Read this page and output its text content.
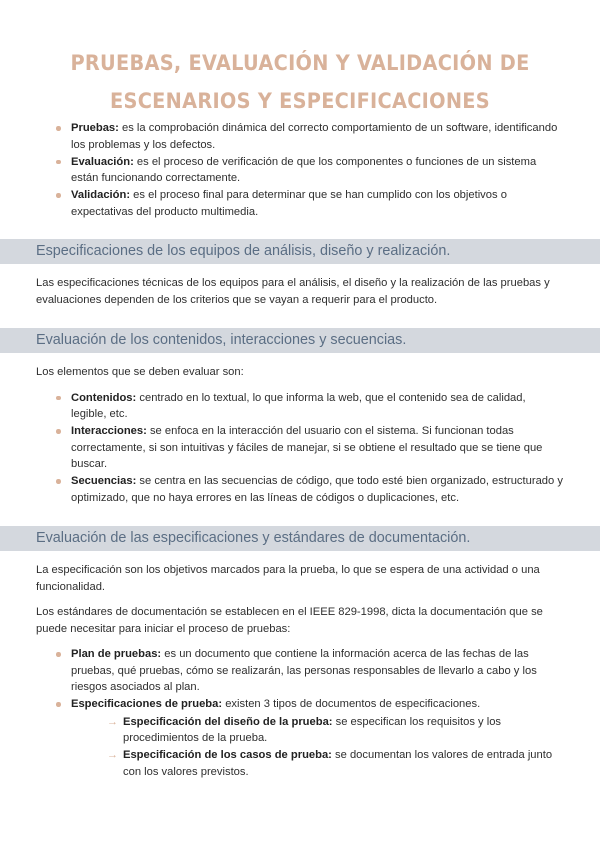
PRUEBAS, EVALUACIÓN Y VALIDACIÓN DE ESCENARIOS Y ESPECIFICACIONES
Pruebas: es la comprobación dinámica del correcto comportamiento de un software, identificando los problemas y los defectos.
Evaluación: es el proceso de verificación de que los componentes o funciones de un sistema están funcionando correctamente.
Validación: es el proceso final para determinar que se han cumplido con los objetivos o expectativas del producto multimedia.
Especificaciones de los equipos de análisis, diseño y realización.

Las especificaciones técnicas de los equipos para el análisis, el diseño y la realización de las pruebas y evaluaciones dependen de los criterios que se vayan a requerir para el producto.

Evaluación de los contenidos, interacciones y secuencias.

Los elementos que se deben evaluar son:

Contenidos: centrado en lo textual, lo que informa la web, que el contenido sea de calidad, legible, etc.
Interacciones: se enfoca en la interacción del usuario con el sistema. Si funcionan todas correctamente, si son intuitivas y fáciles de manejar, si se obtiene el resultado que se tiene que buscar.
Secuencias: se centra en las secuencias de código, que todo esté bien organizado, estructurado y optimizado, que no haya errores en las líneas de códigos o duplicaciones, etc.
Evaluación de las especificaciones y estándares de documentación.

La especificación son los objetivos marcados para la prueba, lo que se espera de una actividad o una funcionalidad.

Los estándares de documentación se establecen en el IEEE 829-1998, dicta la documentación que se puede necesitar para iniciar el proceso de pruebas:

Plan de pruebas: es un documento que contiene la información acerca de las fechas de las pruebas, qué pruebas, cómo se realizarán, las personas responsables de llevarlo a cabo y los riesgos asociados al plan.
Especificaciones de prueba: existen 3 tipos de documentos de especificaciones.
→ Especificación del diseño de la prueba: se especifican los requisitos y los procedimientos de la prueba.
→ Especificación de los casos de prueba: se documentan los valores de entrada junto con los valores previstos.
